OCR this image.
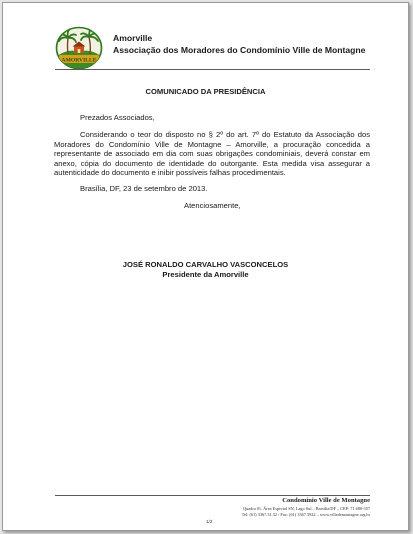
AMORVILLE
Amorville
Associação dos Moradores do Condomínio Ville de Montagne
COMUNICADO DA PRESIDÊNCIA
Prezados Associados,
Considerando o teor do disposto no § 2º do art. 7º do Estatuto da Associação dos
Moradores do Condomínio Ville de Montagne – Amorville, a procuração concedida a
representante de associado em dia com suas obrigações condominiais, deverá constar em
anexo, cópia do documento de identidade do outorgante. Esta medida visa assegurar a
autenticidade do documento e inibir possíveis falhas procedimentais.
Brasília, DF, 23 de setembro de 2013.
Atenciosamente,
JOSÉ RONALDO CARVALHO VASCONCELOS
Presidente da Amorville
Condomínio Ville de Montagne
Quadra 01, Área Especial SN, Lago Sul – Brasília/DF – CEP: 71.680-357
Tel: (61) 3367.31.32 / Fax: (61) 3367.5922 – www.villedemontagne.org.br
1/2
